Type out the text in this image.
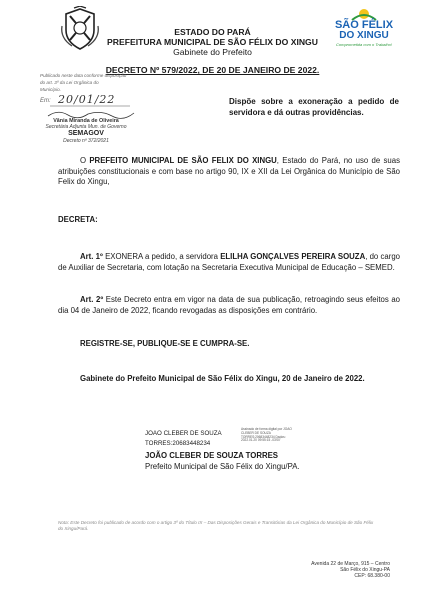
ESTADO DO PARÁ
PREFEITURA MUNICIPAL DE SÃO FÉLIX DO XINGU
Gabinete do Prefeito
SÃO FÉLIX
DO XINGU
Comprometida com o Trabalho!
DECRETO Nº 579/2022, DE 20 DE JANEIRO DE 2022.
Publicado neste data conforme disposição
do art. 3º da Lei Orgânica do
Município.
Em: 20/01/22
Vânia Miranda de Oliveira
Secretária Adjunta Mun. de Governo
SEMAGOV
Decreto nº 372/2021
Dispõe sobre a exoneração a pedido de servidora e dá outras providências.
O PREFEITO MUNICIPAL DE SÃO FELIX DO XINGU, Estado do Pará, no uso de suas atribuições constitucionais e com base no artigo 90, IX e XII da Lei Orgânica do Município de São Felix do Xingu,
DECRETA:
Art. 1º EXONERA a pedido, a servidora ELILHA GONÇALVES PEREIRA SOUZA, do cargo de Auxiliar de Secretaria, com lotação na Secretaria Executiva Municipal de Educação – SEMED.
Art. 2º Este Decreto entra em vigor na data de sua publicação, retroagindo seus efeitos ao dia 04 de Janeiro de 2022, ficando revogadas as disposições em contrário.
REGISTRE-SE, PUBLIQUE-SE E CUMPRA-SE.
Gabinete do Prefeito Municipal de São Félix do Xingu, 20 de Janeiro de 2022.
JOAO CLEBER DE SOUZA
TORRES:20683448234
Assinado de forma digital por JOAO CLEBER DE SOUZA TORRES:20683448234 Dados: 2022.01.20 09:55:15 -03'00'
JOÃO CLEBER DE SOUZA TORRES
Prefeito Municipal de São Félix do Xingu/PA.
Nota: Este Decreto foi publicado de acordo com o artigo 3º do Título IX – Das Disposições Gerais e Transitórias da Lei Orgânica do Município de São Félix do Xingu/Pará.
Avenida 22 de Março, 915 – Centro
São Félix do Xingu-PA
CEP: 68.380-00
